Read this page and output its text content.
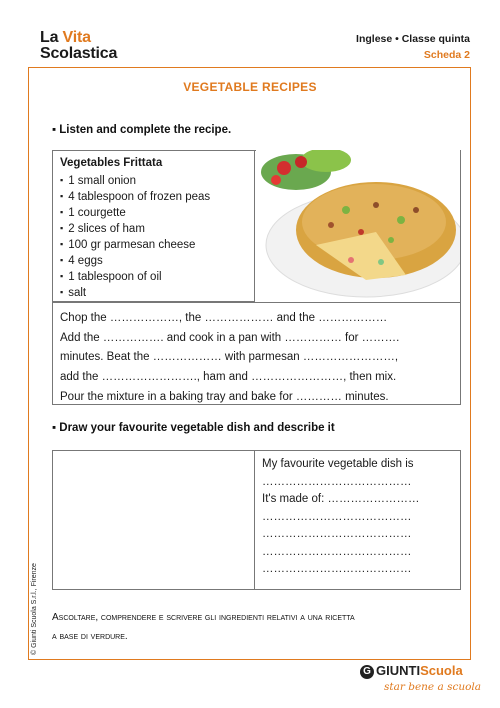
La Vita
Scolastica
Inglese • Classe quinta
Scheda 2
VEGETABLE RECIPES
▪ Listen and complete the recipe.
Vegetables Frittata
▪ 1 small onion
▪ 4 tablespoon of frozen peas
▪ 1 courgette
▪ 2 slices of ham
▪ 100 gr parmesan cheese
▪ 4 eggs
▪ 1 tablespoon of oil
▪ salt
Chop the ………………, the ……………… and the ………………
Add the ……………. and cook in a pan with …………… for ……….
minutes. Beat the ……………… with parmesan ……………………,
add the ……………………., ham and ……………………, then mix.
Pour the mixture in a baking tray and bake for ………… minutes.
▪ Draw your favourite vegetable dish and describe it
My favourite vegetable dish is
…………………………………
It's made of: ……………………
…………………………………
…………………………………
…………………………………
…………………………………
Ascoltare, comprendere e scrivere gli ingredienti relativi a una ricetta
a base di verdure.
© Giunti Scuola S.r.l., Firenze
G GIUNTIScuola
star bene a scuola
